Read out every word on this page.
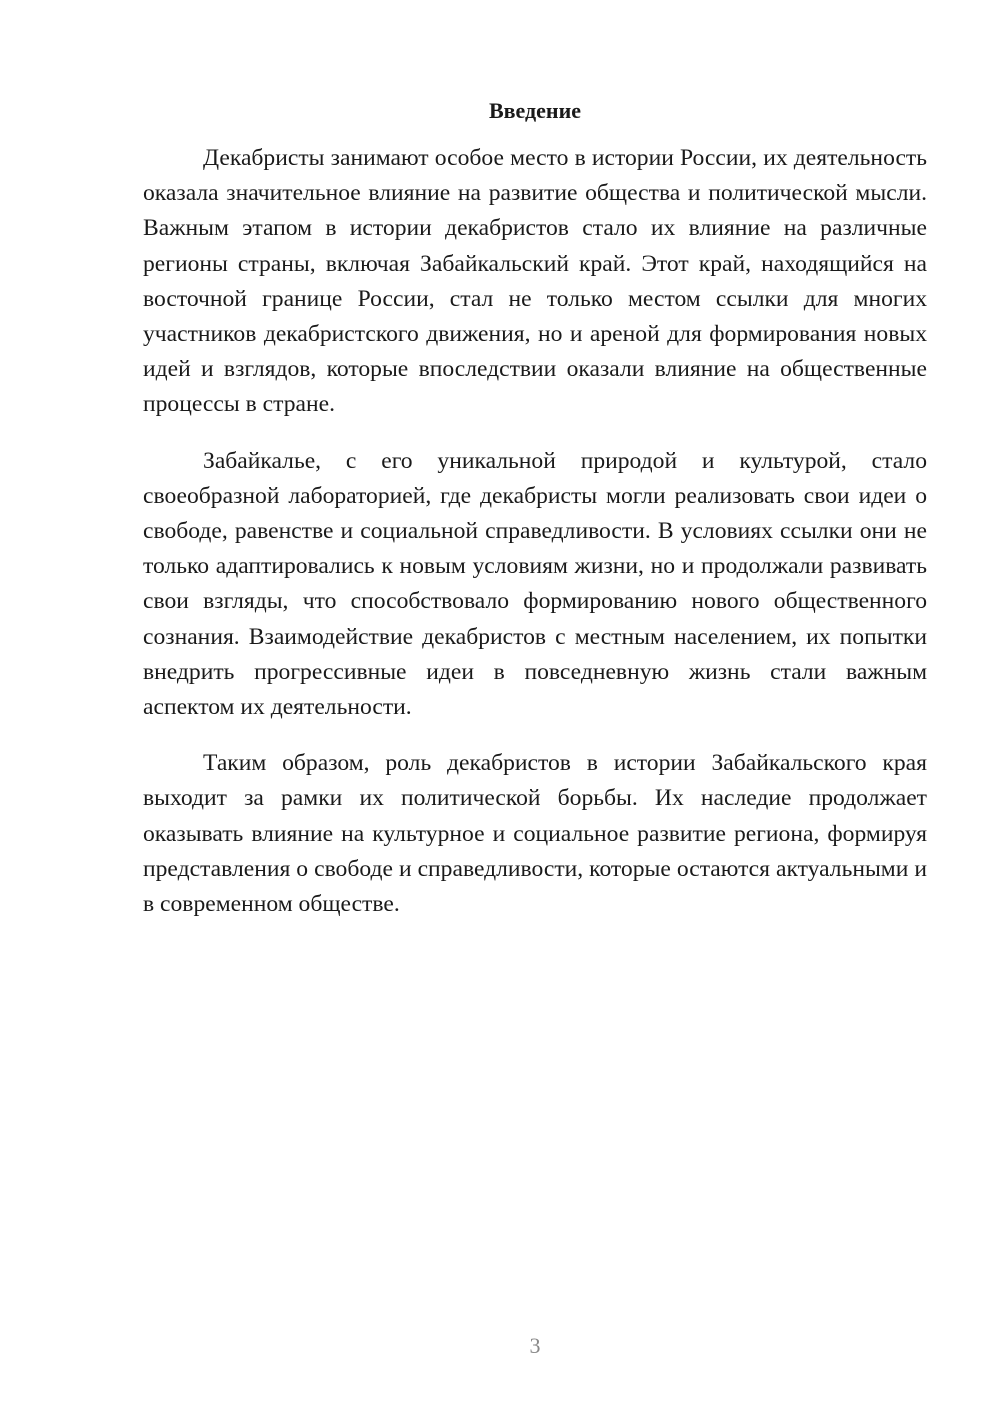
Введение

Декабристы занимают особое место в истории России, их деятельность оказала значительное влияние на развитие общества и политической мысли. Важным этапом в истории декабристов стало их влияние на различные регионы страны, включая Забайкальский край. Этот край, находящийся на восточной границе России, стал не только местом ссылки для многих участников декабристского движения, но и ареной для формирования новых идей и взглядов, которые впоследствии оказали влияние на общественные процессы в стране.

Забайкалье, с его уникальной природой и культурой, стало своеобразной лабораторией, где декабристы могли реализовать свои идеи о свободе, равенстве и социальной справедливости. В условиях ссылки они не только адаптировались к новым условиям жизни, но и продолжали развивать свои взгляды, что способствовало формированию нового общественного сознания. Взаимодействие декабристов с местным населением, их попытки внедрить прогрессивные идеи в повседневную жизнь стали важным аспектом их деятельности.

Таким образом, роль декабристов в истории Забайкальского края выходит за рамки их политической борьбы. Их наследие продолжает оказывать влияние на культурное и социальное развитие региона, формируя представления о свободе и справедливости, которые остаются актуальными и в современном обществе.

3
